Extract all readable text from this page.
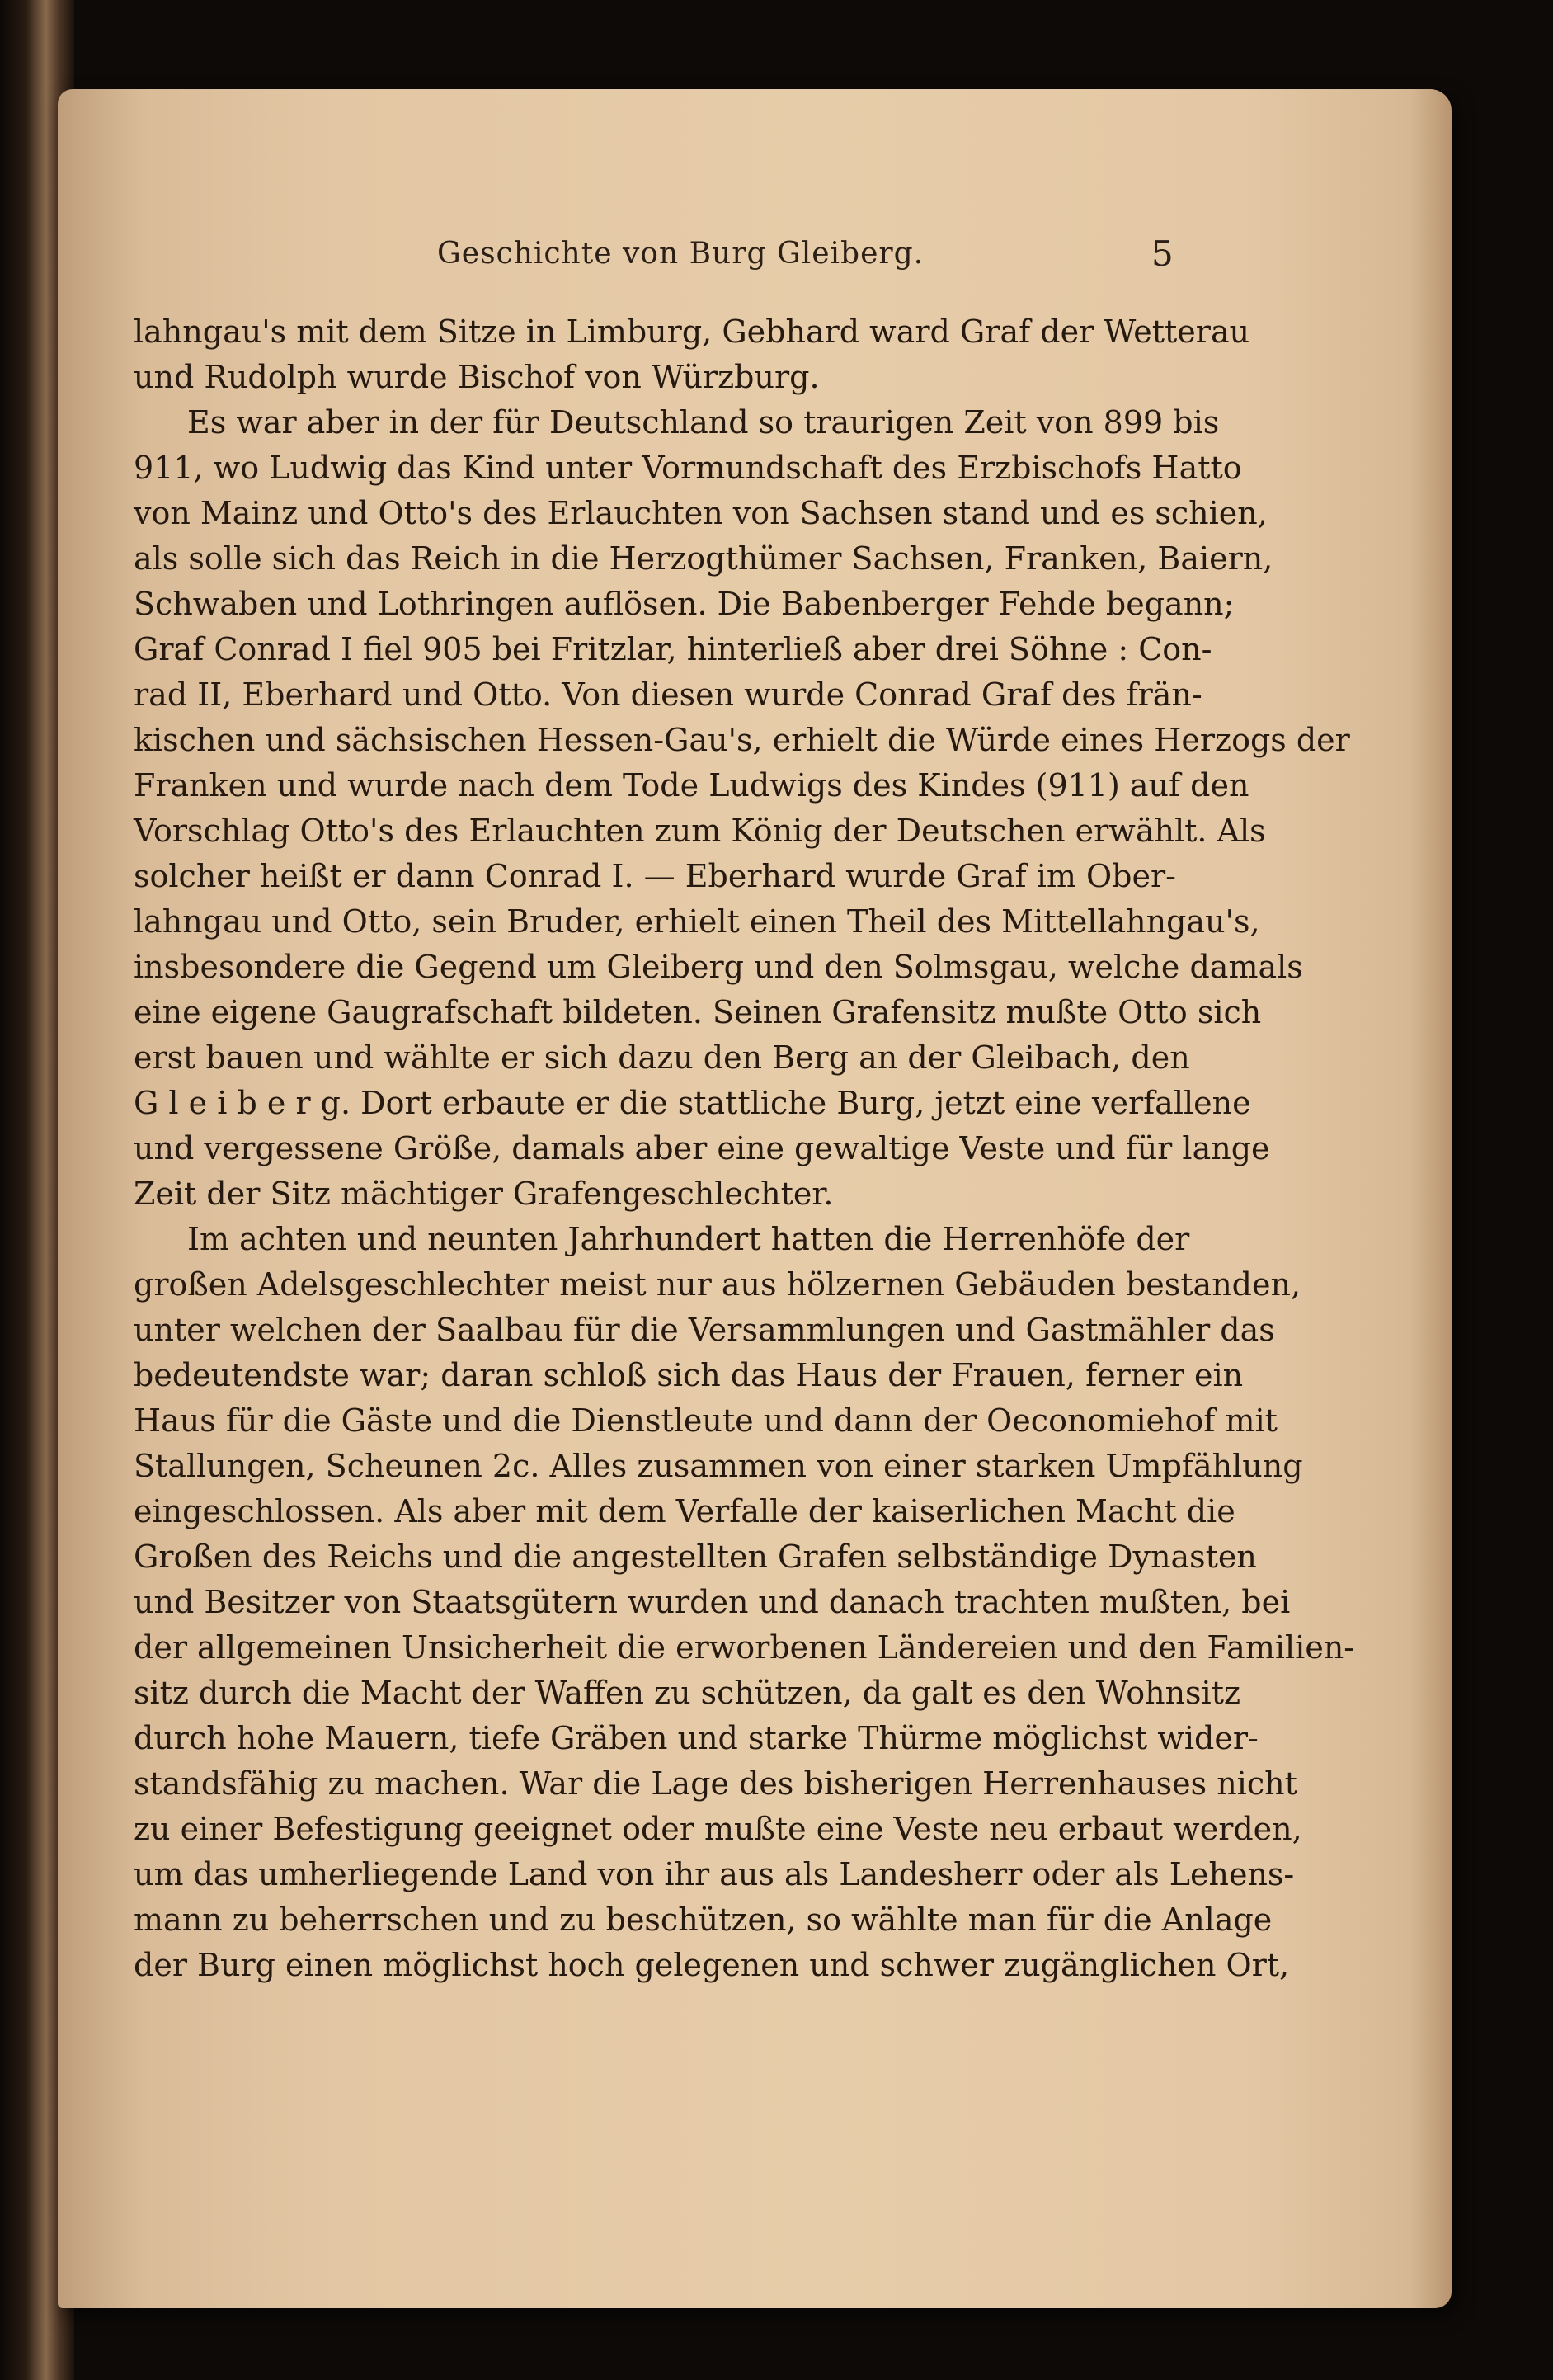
Geschichte von Burg Gleiberg.	5
lahngau's mit dem Sitze in Limburg, Gebhard ward Graf der Wetterau
und Rudolph wurde Bischof von Würzburg.
Es war aber in der für Deutschland so traurigen Zeit von 899 bis
911, wo Ludwig das Kind unter Vormundschaft des Erzbischofs Hatto
von Mainz und Otto's des Erlauchten von Sachsen stand und es schien,
als solle sich das Reich in die Herzogthümer Sachsen, Franken, Baiern,
Schwaben und Lothringen auflösen. Die Babenberger Fehde begann;
Graf Conrad I fiel 905 bei Fritzlar, hinterließ aber drei Söhne : Con-
rad II, Eberhard und Otto. Von diesen wurde Conrad Graf des frän-
kischen und sächsischen Hessen-Gau's, erhielt die Würde eines Herzogs der
Franken und wurde nach dem Tode Ludwigs des Kindes (911) auf den
Vorschlag Otto's des Erlauchten zum König der Deutschen erwählt. Als
solcher heißt er dann Conrad I. — Eberhard wurde Graf im Ober-
lahngau und Otto, sein Bruder, erhielt einen Theil des Mittellahngau's,
insbesondere die Gegend um Gleiberg und den Solmsgau, welche damals
eine eigene Gaugrafschaft bildeten. Seinen Grafensitz mußte Otto sich
erst bauen und wählte er sich dazu den Berg an der Gleibach, den
G l e i b e r g. Dort erbaute er die stattliche Burg, jetzt eine verfallene
und vergessene Größe, damals aber eine gewaltige Veste und für lange
Zeit der Sitz mächtiger Grafengeschlechter.
Im achten und neunten Jahrhundert hatten die Herrenhöfe der
großen Adelsgeschlechter meist nur aus hölzernen Gebäuden bestanden,
unter welchen der Saalbau für die Versammlungen und Gastmähler das
bedeutendste war; daran schloß sich das Haus der Frauen, ferner ein
Haus für die Gäste und die Dienstleute und dann der Oeconomiehof mit
Stallungen, Scheunen 2c. Alles zusammen von einer starken Umpfählung
eingeschlossen. Als aber mit dem Verfalle der kaiserlichen Macht die
Großen des Reichs und die angestellten Grafen selbständige Dynasten
und Besitzer von Staatsgütern wurden und danach trachten mußten, bei
der allgemeinen Unsicherheit die erworbenen Ländereien und den Familien-
sitz durch die Macht der Waffen zu schützen, da galt es den Wohnsitz
durch hohe Mauern, tiefe Gräben und starke Thürme möglichst wider-
standsfähig zu machen. War die Lage des bisherigen Herrenhauses nicht
zu einer Befestigung geeignet oder mußte eine Veste neu erbaut werden,
um das umherliegende Land von ihr aus als Landesherr oder als Lehens-
mann zu beherrschen und zu beschützen, so wählte man für die Anlage
der Burg einen möglichst hoch gelegenen und schwer zugänglichen Ort,
